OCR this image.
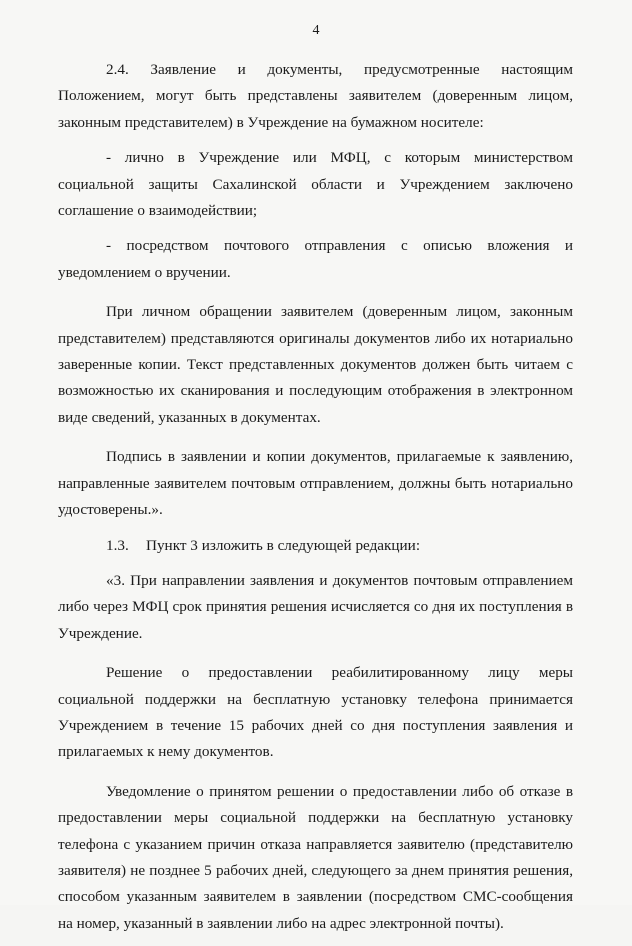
4

2.4. Заявление и документы, предусмотренные настоящим Положением, могут быть представлены заявителем (доверенным лицом, законным представителем) в Учреждение на бумажном носителе:

- лично в Учреждение или МФЦ, с которым министерством социальной защиты Сахалинской области и Учреждением заключено соглашение о взаимодействии;

- посредством почтового отправления с описью вложения и уведомлением о вручении.

При личном обращении заявителем (доверенным лицом, законным представителем) представляются оригиналы документов либо их нотариально заверенные копии. Текст представленных документов должен быть читаем с возможностью их сканирования и последующим отображения в электронном виде сведений, указанных в документах.

Подпись в заявлении и копии документов, прилагаемые к заявлению, направленные заявителем почтовым отправлением, должны быть нотариально удостоверены.».

1.3. Пункт 3 изложить в следующей редакции:

«3. При направлении заявления и документов почтовым отправлением либо через МФЦ срок принятия решения исчисляется со дня их поступления в Учреждение.

Решение о предоставлении реабилитированному лицу меры социальной поддержки на бесплатную установку телефона принимается Учреждением в течение 15 рабочих дней со дня поступления заявления и прилагаемых к нему документов.

Уведомление о принятом решении о предоставлении либо об отказе в предоставлении меры социальной поддержки на бесплатную установку телефона с указанием причин отказа направляется заявителю (представителю заявителя) не позднее 5 рабочих дней, следующего за днем принятия решения, способом указанным заявителем в заявлении (посредством СМС-сообщения на номер, указанный в заявлении либо на адрес электронной почты).
